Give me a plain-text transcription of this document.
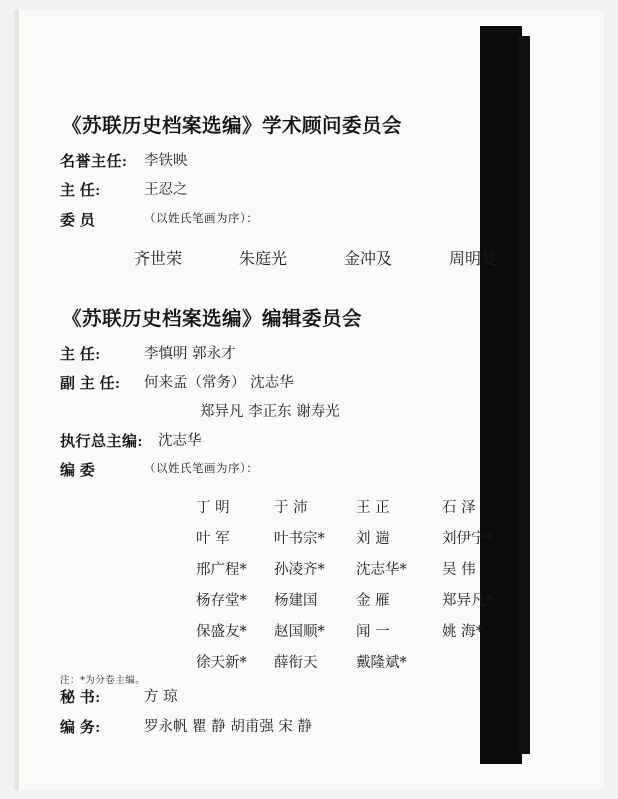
《苏联历史档案选编》学术顾问委员会
名誉主任:	李铁映
主 任:	王忍之
委 员	（以姓氏笔画为序）：
齐世荣	朱庭光	金冲及	周明复
《苏联历史档案选编》编辑委员会
主 任:	李慎明 郭永才
副 主 任:	何来孟（常务） 沈志华
郑异凡 李正东 谢寿光
执行总主编:	沈志华
编 委	（以姓氏笔画为序）：
丁 明	于 沛	王 正	石 泽
叶 军	叶书宗*	刘 遄	刘伊宁*
邢广程*	孙凌齐*	沈志华*	吴 伟
杨存堂*	杨建国	金 雁	郑异凡*
保盛友*	赵国顺*	闻 一	姚 海*
徐天新*	薛衔天	戴隆斌*
秘 书:	方 琼
编 务:	罗永帆 瞿 静 胡甫强 宋 静
注：*为分卷主编。
